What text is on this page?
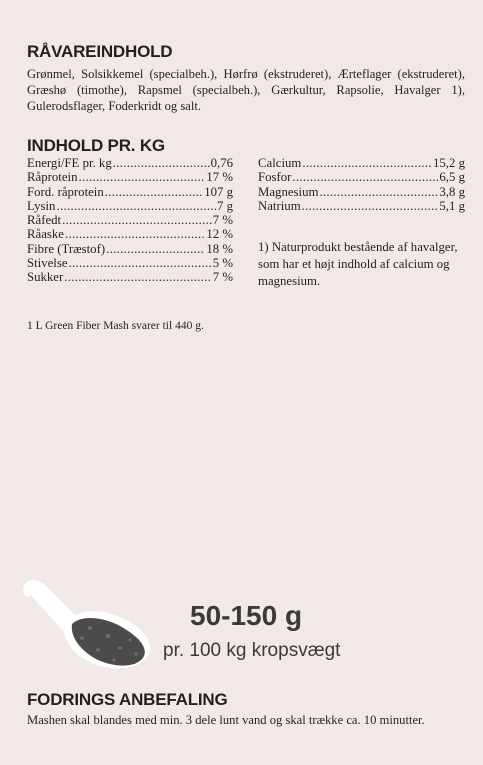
RÅVAREINDHOLD
Grønmel, Solsikkemel (specialbeh.), Hørfrø (ekstruderet), Ærteflager (ekstruderet), Græshø (timothe), Rapsmel (specialbeh.), Gærkultur, Rapsolie, Havalger 1), Gulerodsflager, Foderkridt og salt.
INDHOLD PR. KG
Energi/FE pr. kg .....	0,76
Råprotein .....	17 %
Ford. råprotein .....	107 g
Lysin .....	7 g
Råfedt .....	7 %
Råaske .....	12 %
Fibre (Træstof) .....	18 %
Stivelse .....	5 %
Sukker .....	7 %
Calcium .....	15,2 g
Fosfor .....	6,5 g
Magnesium .....	3,8 g
Natrium .....	5,1 g
1) Naturprodukt bestående af havalger, som har et højt indhold af calcium og magnesium.
1 L Green Fiber Mash svarer til 440 g.
50-150 g
pr. 100 kg kropsvægt
FODRINGS ANBEFALING
Mashen skal blandes med min. 3 dele lunt vand og skal trække ca. 10 minutter.
